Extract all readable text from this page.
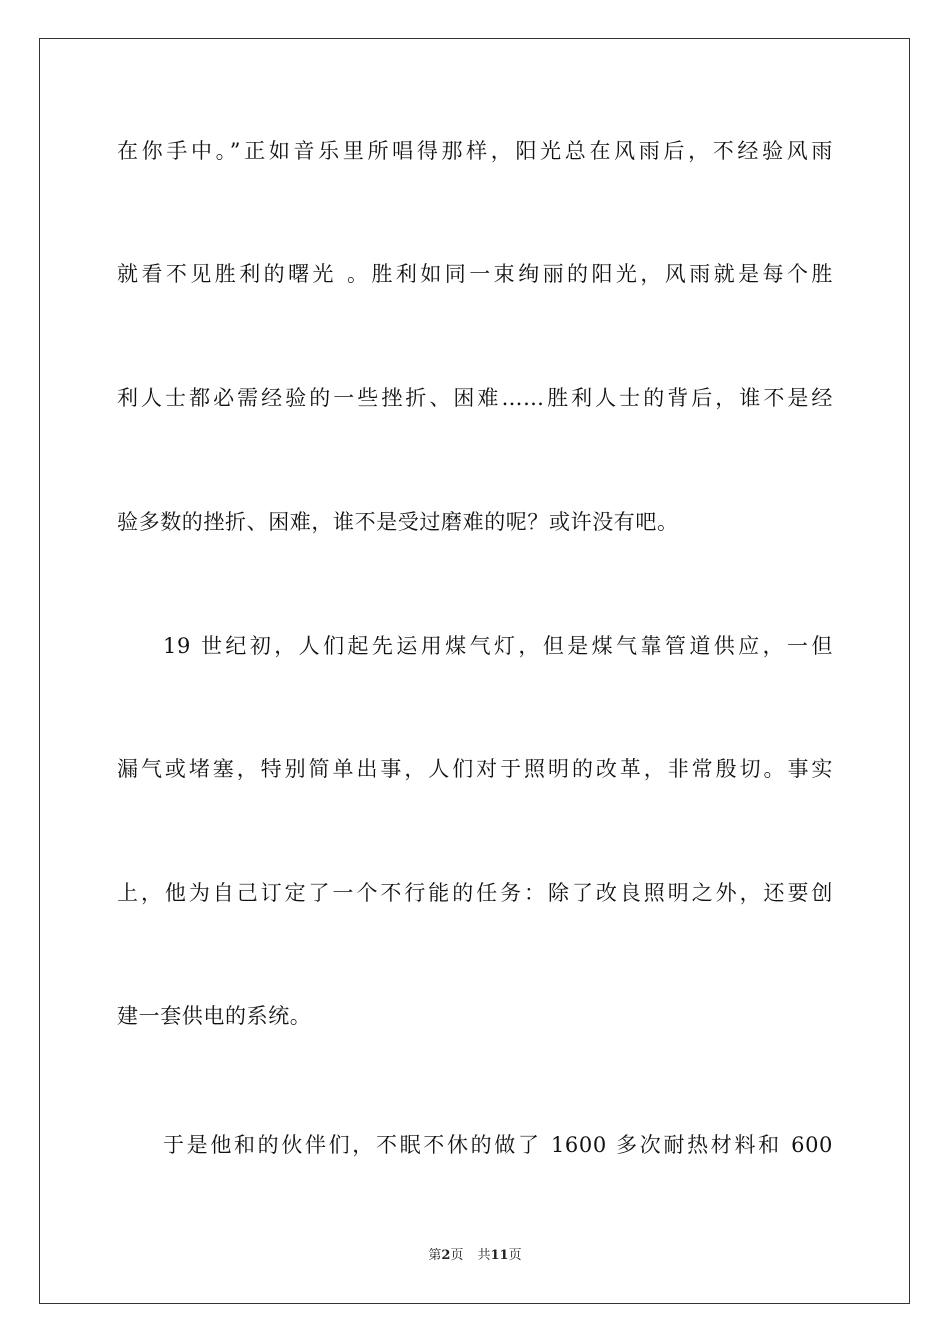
在你手中。”正如音乐里所唱得那样，阳光总在风雨后，不经验风雨
就看不见胜利的曙光 。胜利如同一束绚丽的阳光，风雨就是每个胜
利人士都必需经验的一些挫折、困难……胜利人士的背后，谁不是经
验多数的挫折、困难，谁不是受过磨难的呢？或许没有吧。
19 世纪初，人们起先运用煤气灯，但是煤气靠管道供应，一但
漏气或堵塞，特别简单出事，人们对于照明的改革，非常殷切。事实
上，他为自己订定了一个不行能的任务：除了改良照明之外，还要创
建一套供电的系统。
于是他和的伙伴们，不眠不休的做了 1600 多次耐热材料和 600
第2页 共11页
